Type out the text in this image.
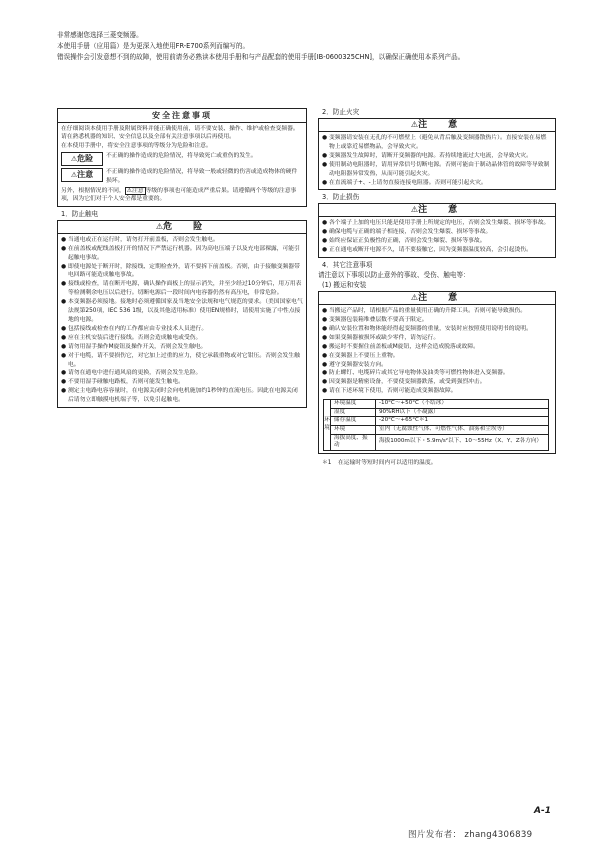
非常感谢您选择三菱变频器。

本使用手册（应用篇）是为更深入地使用FR-E700系列而编写的。

错误操作会引发意想不到的故障，使用前请务必熟读本使用手册和与产品配套的使用手册[IB-0600325CHN]，以确保正确使用本系列产品。

安全注意事项

在仔细阅读本使用手册及附属资料并能正确使用前，请不要安装、操作、维护或检查变频器。请在熟悉机器的知识、安全信息以及全部有关注意事项以后再使用。

在本使用手册中，将安全注意事项的等级分为危险和注意。

⚠危险	不正确的操作造成的危险情况，将导致死亡或重伤的发生。
⚠注意	不正确的操作造成的危险情况，将导致一般或轻微的伤害或造成物体的硬件损坏。

另外，根据情况的不同， ⚠注意 等级的事项也可能造成严重后果。请遵循两个等级的注意事项，因为它们对于个人安全都是重要的。

1．防止触电
⚠危　险
● 当通电或正在运行时，请勿打开前盖板，否则会发生触电。
● 在前盖板或配线盖板打开的情况下严禁运行机器。因为高电压端子以及充电部裸露，可能引起触电事故。
● 即使电源处于断开时，除接线、定期检查外，请不要拆下前盖板。否则，由于接触变频器带电回路可能造成触电事故。
● 接线或检查，请在断开电源，确认操作面板上的显示消失，并至少经过10分钟后，用万用表等检测剩余电压以后进行。切断电源后一段时间内电容器仍然有高压电，非常危险。
● 本变频器必须接地。接地时必须遵循国家及当地安全法规和电气规范的要求。（美国国家电气法规第250项，IEC 536 1级，以及其他适用标准）使用EN规格时，请使用实施了中性点接地的电源。
● 包括接线或检查在内的工作都应由专业技术人员进行。
● 应在主机安装后进行接线。否则会造成触电或受伤。
● 请勿用湿手操作M旋钮及操作开关，否则会发生触电。
● 对于电缆，请不要损伤它，对它加上过重的应力，使它承载重物或对它钳压。否则会发生触电。
● 请勿在通电中进行通风扇的更换，否则会发生危险。
● 不要用湿手碰触电路板，否则可能发生触电。
● 测定主电路电容容量时，在电源关闭时会向电机施加约1秒钟的直流电压。因此在电源关闭后请勿立即触摸电机端子等，以免引起触电。
2．防止火灾
⚠注　意
● 变频器请安装在无孔的不可燃壁上（避免从背后触及变频器散热片）。直接安装在易燃物上或靠近易燃物品，会导致火灾。
● 变频器发生故障时，请断开变频器的电源。若持续地流过大电流，会导致火灾。
● 使用制动电阻器时，请用异常信号切断电源。否则可能由于制动晶体管的故障等导致制动电阻器异常发热，从而可能引起火灾。
● 在直流端子+、-上请勿直接连接电阻器。否则可能引起火灾。
3．防止损伤
⚠注　意
● 各个端子上加的电压只能是使用手册上所规定的电压，否则会发生爆裂、损坏等事故。
● 确保电缆与正确的端子相连接，否则会发生爆裂、损坏等事故。
● 始终应保证正负极性的正确，否则会发生爆裂、损坏等事故。
● 正在通电或断开电源不久，请不要接触它，因为变频器温度较高，会引起烫伤。
4．其它注意事项
请注意以下事项以防止意外的事故、受伤、触电等：
(1) 搬运和安装
⚠注　意
● 当搬运产品时，请根据产品的重量使用正确的升降工具。否则可能导致损伤。
● 变频器包装箱堆叠层数不要高于限定。
● 确认安装位置和物体能经得起变频器的重量，安装时应按照使用说明书的说明。
● 如果变频器被损坏或缺少零件，请勿运行。
● 搬运时不要握住前盖板或M旋钮，这样会造成脱落或故障。
● 在变频器上不要压上重物。
● 遵守变频器安装方向。
● 防止螺钉、电缆碎片或其它导电物体及油类等可燃性物体进入变频器。
● 因变频器是精密设备，不要使变频器跌落，或受到强烈冲击。
● 请在下述环境下使用，否则可能造成变频器故障。
环境	环境温度	-10°C～+50°C（不结冰）
	湿度	90%RH以下（不凝露）
	储存温度	-20°C～+65°C＊1
	环境	室内（无腐蚀性气体、可燃性气体、油雾和尘埃等）
	海拔高度、振动	海拔1000m以下・5.9m/s²以下、10～55Hz（X、Y、Z各方向）
＊1 在运输时等短时间内可以适用的温度。
A-1
图片发布者： zhang4306839
